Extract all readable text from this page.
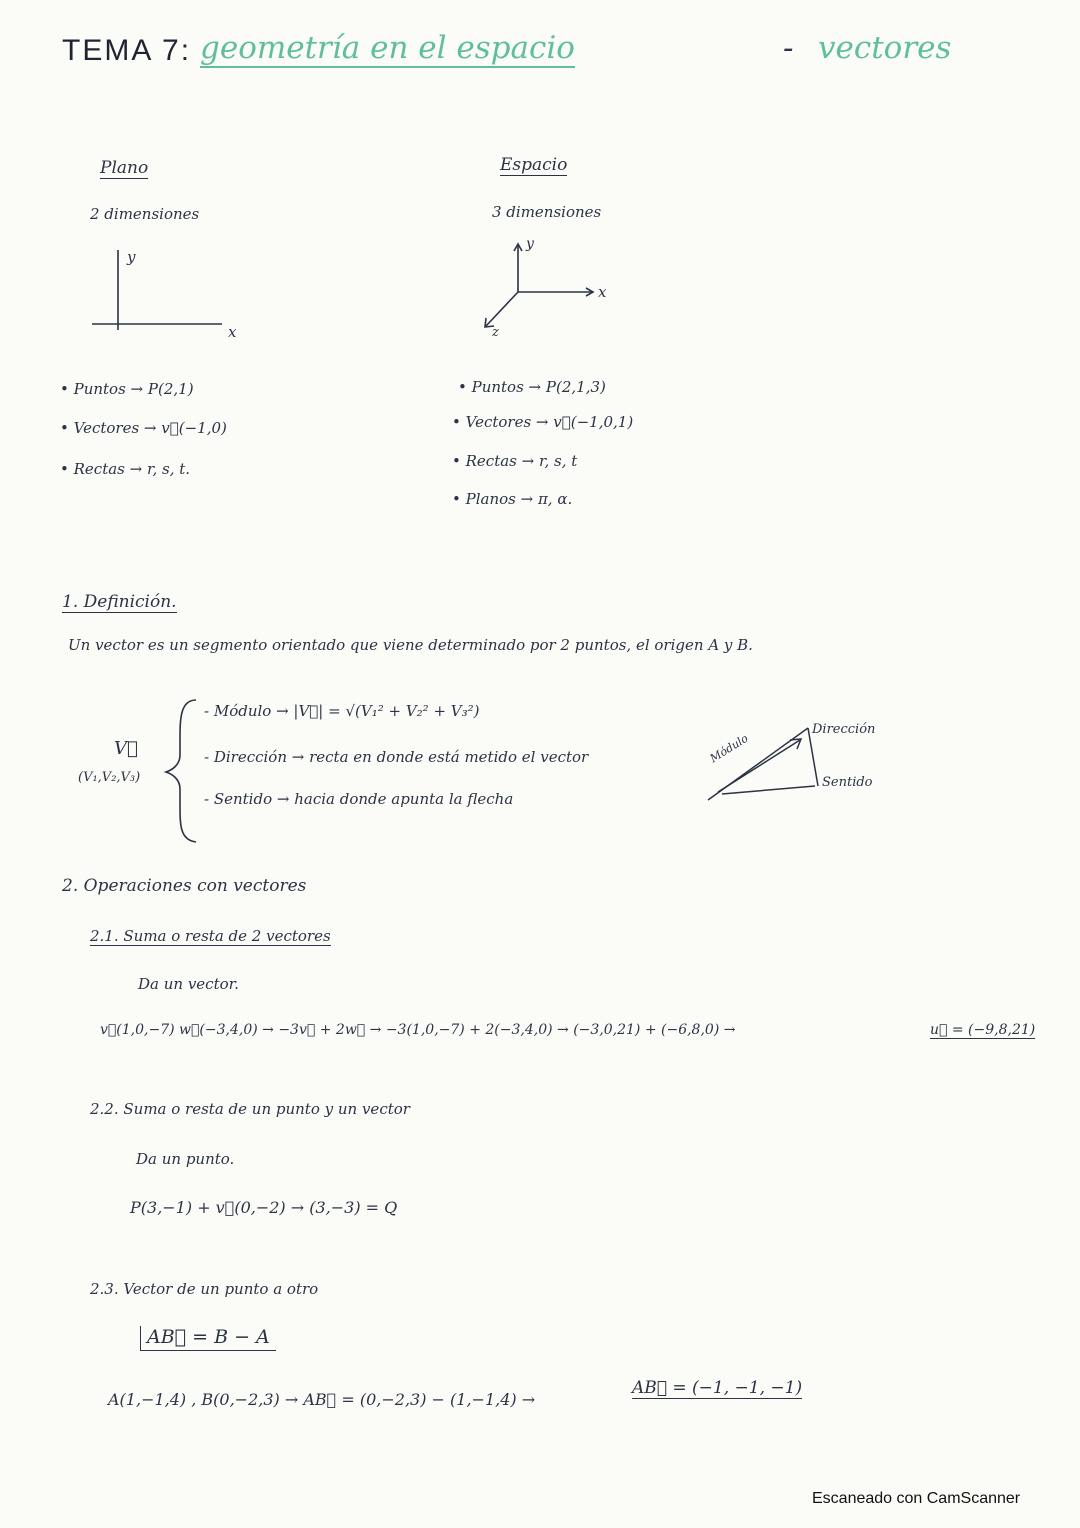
TEMA 7: geometría en el espacio	- vectores
Plano
2 dimensiones
Espacio
3 dimensiones
y
x
y
x
z
• Puntos → P(2,1)
• Vectores → v⃗(−1,0)
• Rectas → r, s, t.
• Puntos → P(2,1,3)
• Vectores → v⃗(−1,0,1)
• Rectas → r, s, t
• Planos → π, α.
1. Definición.
Un vector es un segmento orientado que viene determinado por 2 puntos, el origen A y B.
V⃗
(V₁,V₂,V₃)
- Módulo → |V⃗| = √(V₁² + V₂² + V₃²)
- Dirección → recta en donde está metido el vector
- Sentido → hacia donde apunta la flecha
Módulo
Dirección
Sentido
2. Operaciones con vectores
2.1. Suma o resta de 2 vectores
Da un vector.
v⃗(1,0,−7) w⃗(−3,4,0) → −3v⃗ + 2w⃗ → −3(1,0,−7) + 2(−3,4,0) → (−3,0,21) + (−6,8,0) →	u⃗ = (−9,8,21)
2.2. Suma o resta de un punto y un vector
Da un punto.
P(3,−1) + v⃗(0,−2) → (3,−3) = Q
2.3. Vector de un punto a otro
AB⃗ = B − A
A(1,−1,4) , B(0,−2,3) → AB⃗ = (0,−2,3) − (1,−1,4) →
AB⃗ = (−1, −1, −1)
Escaneado con CamScanner
